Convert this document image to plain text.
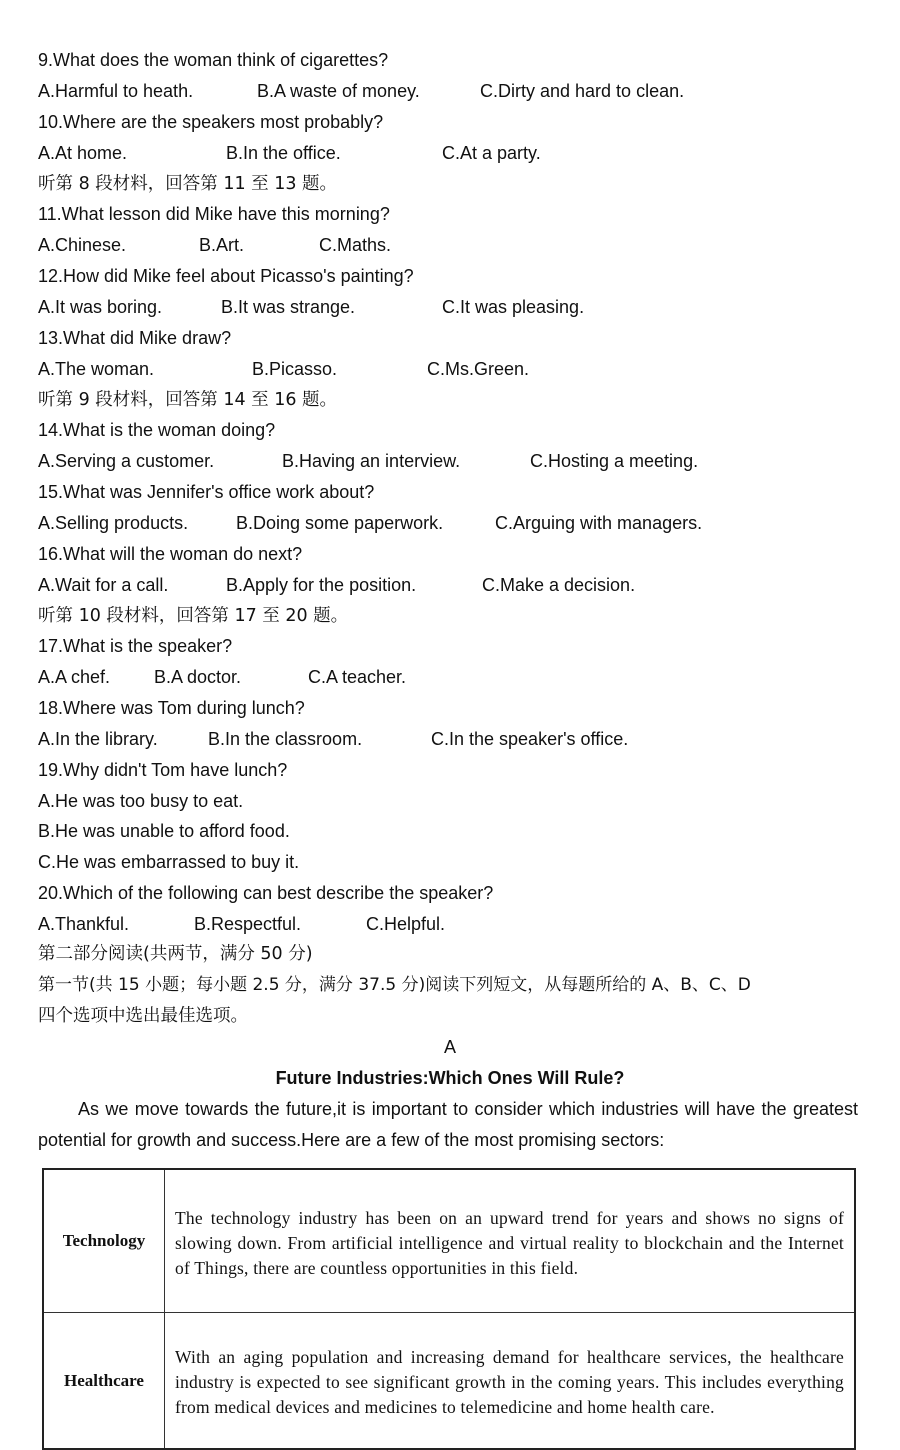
9.What does the woman think of cigarettes?
A.Harmful to heath.	B.A waste of money.	C.Dirty and hard to clean.
10.Where are the speakers most probably?
A.At home.	B.In the office.	C.At a party.
听第 8 段材料，回答第 11 至 13 题。
11.What lesson did Mike have this morning?
A.Chinese.	B.Art.	C.Maths.
12.How did Mike feel about Picasso's painting?
A.It was boring.	B.It was strange.	C.It was pleasing.
13.What did Mike draw?
A.The woman.	B.Picasso.	C.Ms.Green.
听第 9 段材料，回答第 14 至 16 题。
14.What is the woman doing?
A.Serving a customer.	B.Having an interview.	C.Hosting a meeting.
15.What was Jennifer's office work about?
A.Selling products.	B.Doing some paperwork.	C.Arguing with managers.
16.What will the woman do next?
A.Wait for a call.	B.Apply for the position.	C.Make a decision.
听第 10 段材料，回答第 17 至 20 题。
17.What is the speaker?
A.A chef. B.A doctor.	C.A teacher.
18.Where was Tom during lunch?
A.In the library.	B.In the classroom.	C.In the speaker's office.
19.Why didn't Tom have lunch?
A.He was too busy to eat.
B.He was unable to afford food.
C.He was embarrassed to buy it.
20.Which of the following can best describe the speaker?
A.Thankful.	B.Respectful.	C.Helpful.
第二部分阅读(共两节，满分 50 分)
第一节(共 15 小题；每小题 2.5 分，满分 37.5 分)阅读下列短文，从每题所给的 A、B、C、D
四个选项中选出最佳选项。
A
Future Industries:Which Ones Will Rule?
As we move towards the future,it is important to consider which industries will have the greatest potential for growth and success.Here are a few of the most promising sectors:
Technology	The technology industry has been on an upward trend for years and shows no signs of slowing down. From artificial intelligence and virtual reality to blockchain and the Internet of Things, there are countless opportunities in this field.
Healthcare	With an aging population and increasing demand for healthcare services, the healthcare industry is expected to see significant growth in the coming years. This includes everything from medical devices and medicines to telemedicine and home health care.
